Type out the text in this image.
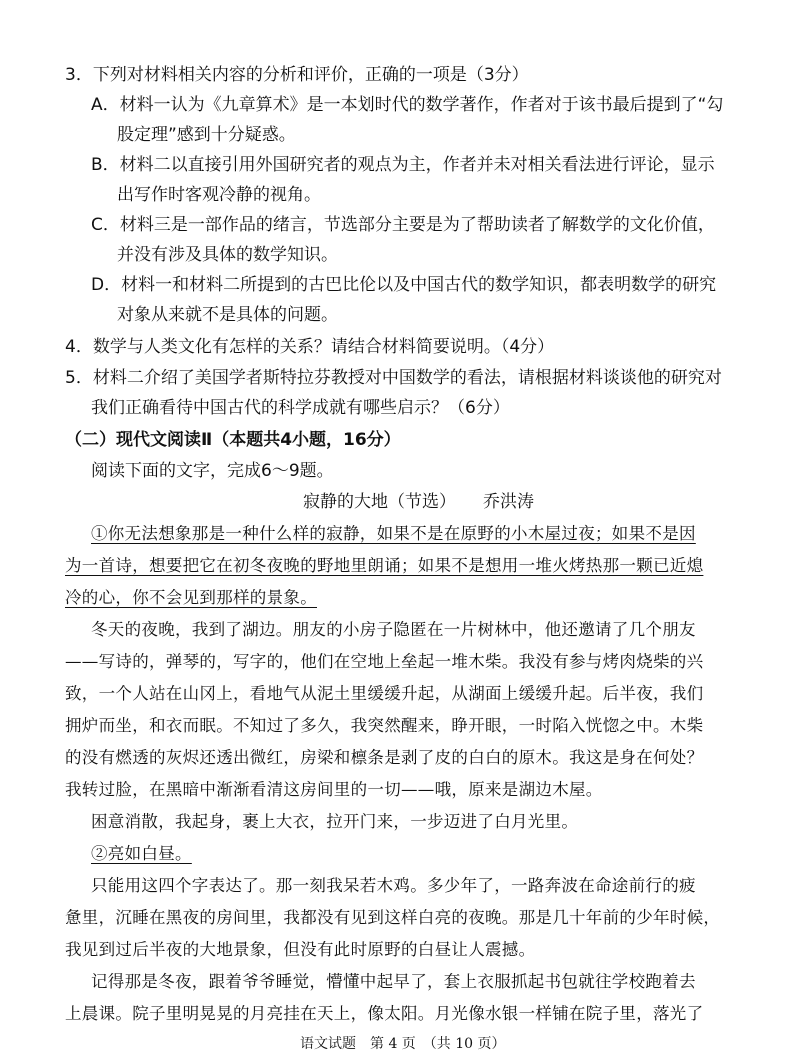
3．下列对材料相关内容的分析和评价，正确的一项是（3分）
A．材料一认为《九章算术》是一本划时代的数学著作，作者对于该书最后提到了“勾
股定理”感到十分疑惑。
B．材料二以直接引用外国研究者的观点为主，作者并未对相关看法进行评论，显示
出写作时客观冷静的视角。
C．材料三是一部作品的绪言，节选部分主要是为了帮助读者了解数学的文化价值，
并没有涉及具体的数学知识。
D．材料一和材料二所提到的古巴比伦以及中国古代的数学知识，都表明数学的研究
对象从来就不是具体的问题。
4．数学与人类文化有怎样的关系？请结合材料简要说明。（4分）
5．材料二介绍了美国学者斯特拉芬教授对中国数学的看法，请根据材料谈谈他的研究对
我们正确看待中国古代的科学成就有哪些启示？（6分）
（二）现代文阅读Ⅱ（本题共4小题，16分）
阅读下面的文字，完成6～9题。
寂静的大地（节选） 乔洪涛
①你无法想象那是一种什么样的寂静，如果不是在原野的小木屋过夜；如果不是因
为一首诗，想要把它在初冬夜晚的野地里朗诵；如果不是想用一堆火烤热那一颗已近熄
冷的心，你不会见到那样的景象。
冬天的夜晚，我到了湖边。朋友的小房子隐匿在一片树林中，他还邀请了几个朋友
——写诗的，弹琴的，写字的，他们在空地上垒起一堆木柴。我没有参与烤肉烧柴的兴
致，一个人站在山冈上，看地气从泥土里缓缓升起，从湖面上缓缓升起。后半夜，我们
拥炉而坐，和衣而眠。不知过了多久，我突然醒来，睁开眼，一时陷入恍惚之中。木柴
的没有燃透的灰烬还透出微红，房梁和檩条是剥了皮的白白的原木。我这是身在何处？
我转过脸，在黑暗中渐渐看清这房间里的一切——哦，原来是湖边木屋。
困意消散，我起身，裹上大衣，拉开门来，一步迈进了白月光里。
②亮如白昼。
只能用这四个字表达了。那一刻我呆若木鸡。多少年了，一路奔波在命途前行的疲
惫里，沉睡在黑夜的房间里，我都没有见到这样白亮的夜晚。那是几十年前的少年时候，
我见到过后半夜的大地景象，但没有此时原野的白昼让人震撼。
记得那是冬夜，跟着爷爷睡觉，懵懂中起早了，套上衣服抓起书包就往学校跑着去
上晨课。院子里明晃晃的月亮挂在天上，像太阳。月光像水银一样铺在院子里，落光了
语文试题　第 4 页　（共 10 页）
